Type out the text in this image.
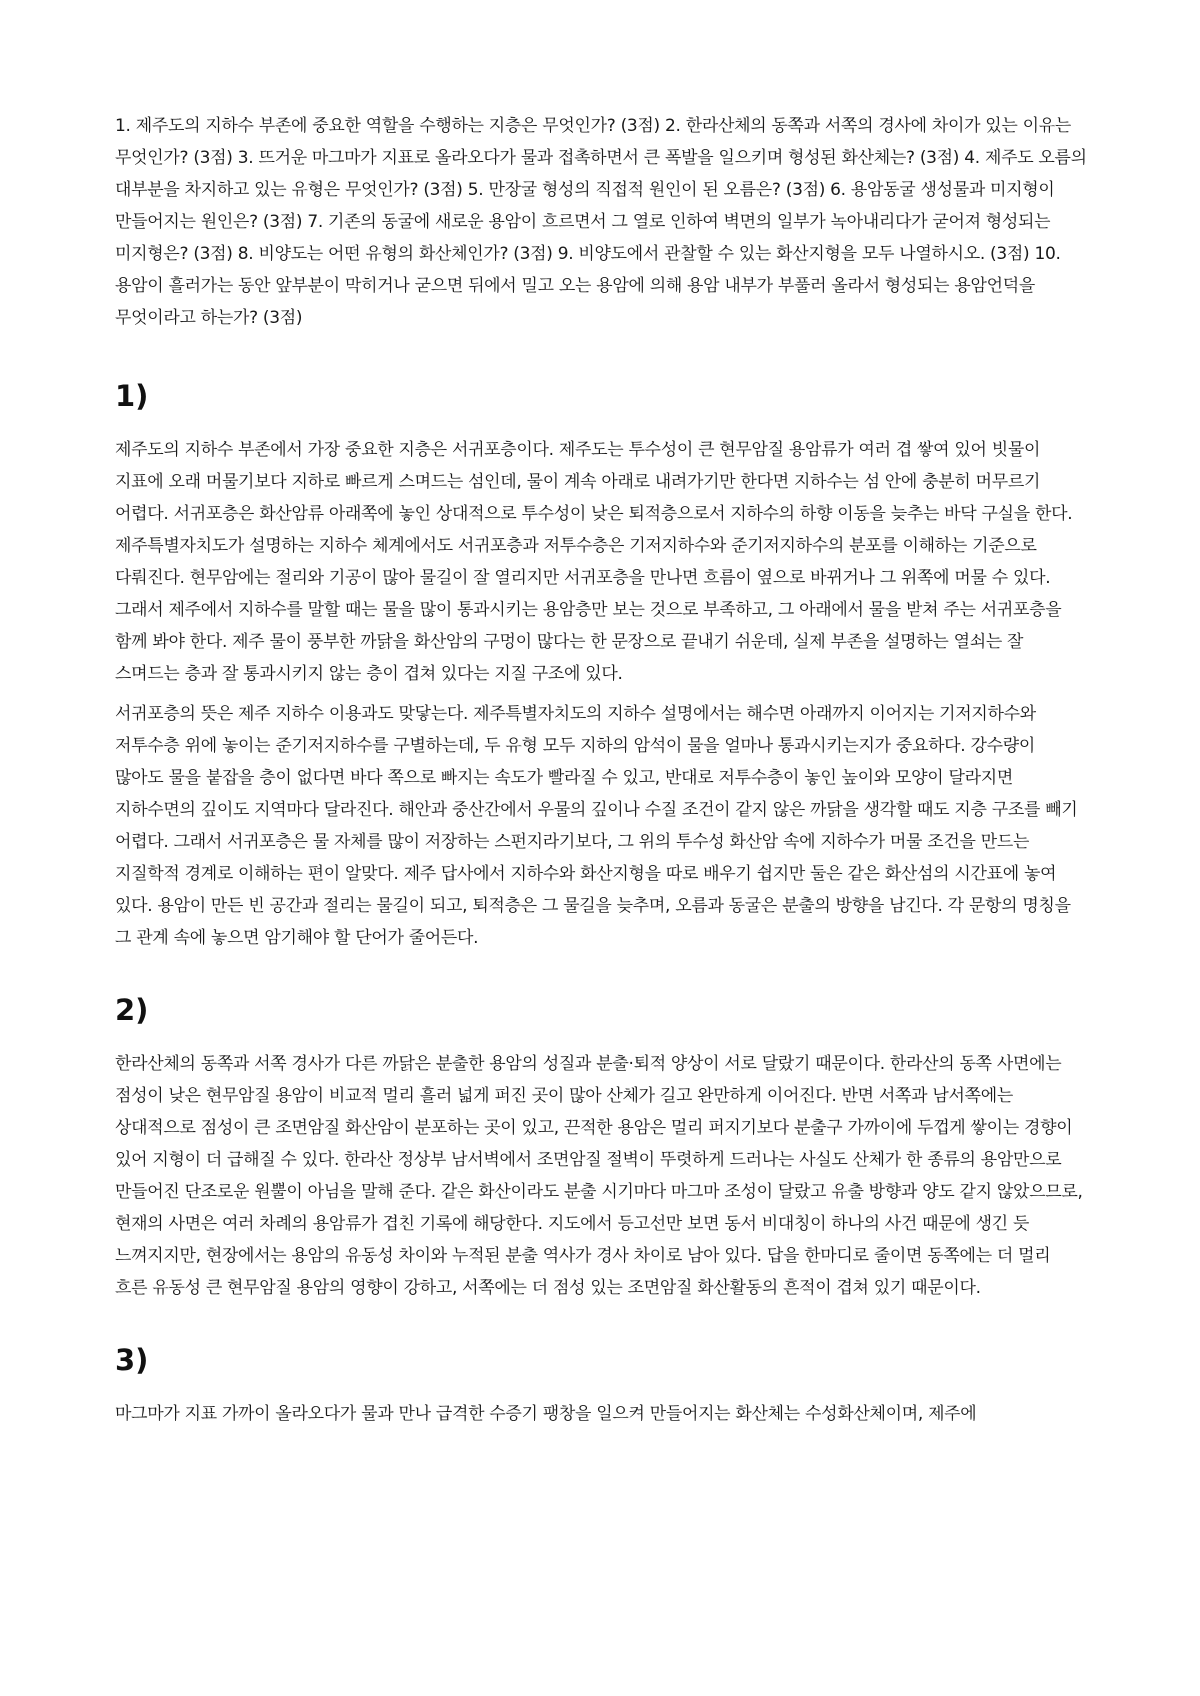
1. 제주도의 지하수 부존에 중요한 역할을 수행하는 지층은 무엇인가? (3점) 2. 한라산체의 동쪽과 서쪽의 경사에 차이가 있는 이유는 무엇인가? (3점) 3. 뜨거운 마그마가 지표로 올라오다가 물과 접촉하면서 큰 폭발을 일으키며 형성된 화산체는? (3점) 4. 제주도 오름의 대부분을 차지하고 있는 유형은 무엇인가? (3점) 5. 만장굴 형성의 직접적 원인이 된 오름은? (3점) 6. 용암동굴 생성물과 미지형이 만들어지는 원인은? (3점) 7. 기존의 동굴에 새로운 용암이 흐르면서 그 열로 인하여 벽면의 일부가 녹아내리다가 굳어져 형성되는 미지형은? (3점) 8. 비양도는 어떤 유형의 화산체인가? (3점) 9. 비양도에서 관찰할 수 있는 화산지형을 모두 나열하시오. (3점) 10. 용암이 흘러가는 동안 앞부분이 막히거나 굳으면 뒤에서 밀고 오는 용암에 의해 용암 내부가 부풀러 올라서 형성되는 용암언덕을 무엇이라고 하는가? (3점)

1)

제주도의 지하수 부존에서 가장 중요한 지층은 서귀포층이다. 제주도는 투수성이 큰 현무암질 용암류가 여러 겹 쌓여 있어 빗물이 지표에 오래 머물기보다 지하로 빠르게 스며드는 섬인데, 물이 계속 아래로 내려가기만 한다면 지하수는 섬 안에 충분히 머무르기 어렵다. 서귀포층은 화산암류 아래쪽에 놓인 상대적으로 투수성이 낮은 퇴적층으로서 지하수의 하향 이동을 늦추는 바닥 구실을 한다. 제주특별자치도가 설명하는 지하수 체계에서도 서귀포층과 저투수층은 기저지하수와 준기저지하수의 분포를 이해하는 기준으로 다뤄진다. 현무암에는 절리와 기공이 많아 물길이 잘 열리지만 서귀포층을 만나면 흐름이 옆으로 바뀌거나 그 위쪽에 머물 수 있다. 그래서 제주에서 지하수를 말할 때는 물을 많이 통과시키는 용암층만 보는 것으로 부족하고, 그 아래에서 물을 받쳐 주는 서귀포층을 함께 봐야 한다. 제주 물이 풍부한 까닭을 화산암의 구멍이 많다는 한 문장으로 끝내기 쉬운데, 실제 부존을 설명하는 열쇠는 잘 스며드는 층과 잘 통과시키지 않는 층이 겹쳐 있다는 지질 구조에 있다.

서귀포층의 뜻은 제주 지하수 이용과도 맞닿는다. 제주특별자치도의 지하수 설명에서는 해수면 아래까지 이어지는 기저지하수와 저투수층 위에 놓이는 준기저지하수를 구별하는데, 두 유형 모두 지하의 암석이 물을 얼마나 통과시키는지가 중요하다. 강수량이 많아도 물을 붙잡을 층이 없다면 바다 쪽으로 빠지는 속도가 빨라질 수 있고, 반대로 저투수층이 놓인 높이와 모양이 달라지면 지하수면의 깊이도 지역마다 달라진다. 해안과 중산간에서 우물의 깊이나 수질 조건이 같지 않은 까닭을 생각할 때도 지층 구조를 빼기 어렵다. 그래서 서귀포층은 물 자체를 많이 저장하는 스펀지라기보다, 그 위의 투수성 화산암 속에 지하수가 머물 조건을 만드는 지질학적 경계로 이해하는 편이 알맞다. 제주 답사에서 지하수와 화산지형을 따로 배우기 쉽지만 둘은 같은 화산섬의 시간표에 놓여 있다. 용암이 만든 빈 공간과 절리는 물길이 되고, 퇴적층은 그 물길을 늦추며, 오름과 동굴은 분출의 방향을 남긴다. 각 문항의 명칭을 그 관계 속에 놓으면 암기해야 할 단어가 줄어든다.

2)

한라산체의 동쪽과 서쪽 경사가 다른 까닭은 분출한 용암의 성질과 분출·퇴적 양상이 서로 달랐기 때문이다. 한라산의 동쪽 사면에는 점성이 낮은 현무암질 용암이 비교적 멀리 흘러 넓게 퍼진 곳이 많아 산체가 길고 완만하게 이어진다. 반면 서쪽과 남서쪽에는 상대적으로 점성이 큰 조면암질 화산암이 분포하는 곳이 있고, 끈적한 용암은 멀리 퍼지기보다 분출구 가까이에 두껍게 쌓이는 경향이 있어 지형이 더 급해질 수 있다. 한라산 정상부 남서벽에서 조면암질 절벽이 뚜렷하게 드러나는 사실도 산체가 한 종류의 용암만으로 만들어진 단조로운 원뿔이 아님을 말해 준다. 같은 화산이라도 분출 시기마다 마그마 조성이 달랐고 유출 방향과 양도 같지 않았으므로, 현재의 사면은 여러 차례의 용암류가 겹친 기록에 해당한다. 지도에서 등고선만 보면 동서 비대칭이 하나의 사건 때문에 생긴 듯 느껴지지만, 현장에서는 용암의 유동성 차이와 누적된 분출 역사가 경사 차이로 남아 있다. 답을 한마디로 줄이면 동쪽에는 더 멀리 흐른 유동성 큰 현무암질 용암의 영향이 강하고, 서쪽에는 더 점성 있는 조면암질 화산활동의 흔적이 겹쳐 있기 때문이다.

3)

마그마가 지표 가까이 올라오다가 물과 만나 급격한 수증기 팽창을 일으켜 만들어지는 화산체는 수성화산체이며, 제주에
